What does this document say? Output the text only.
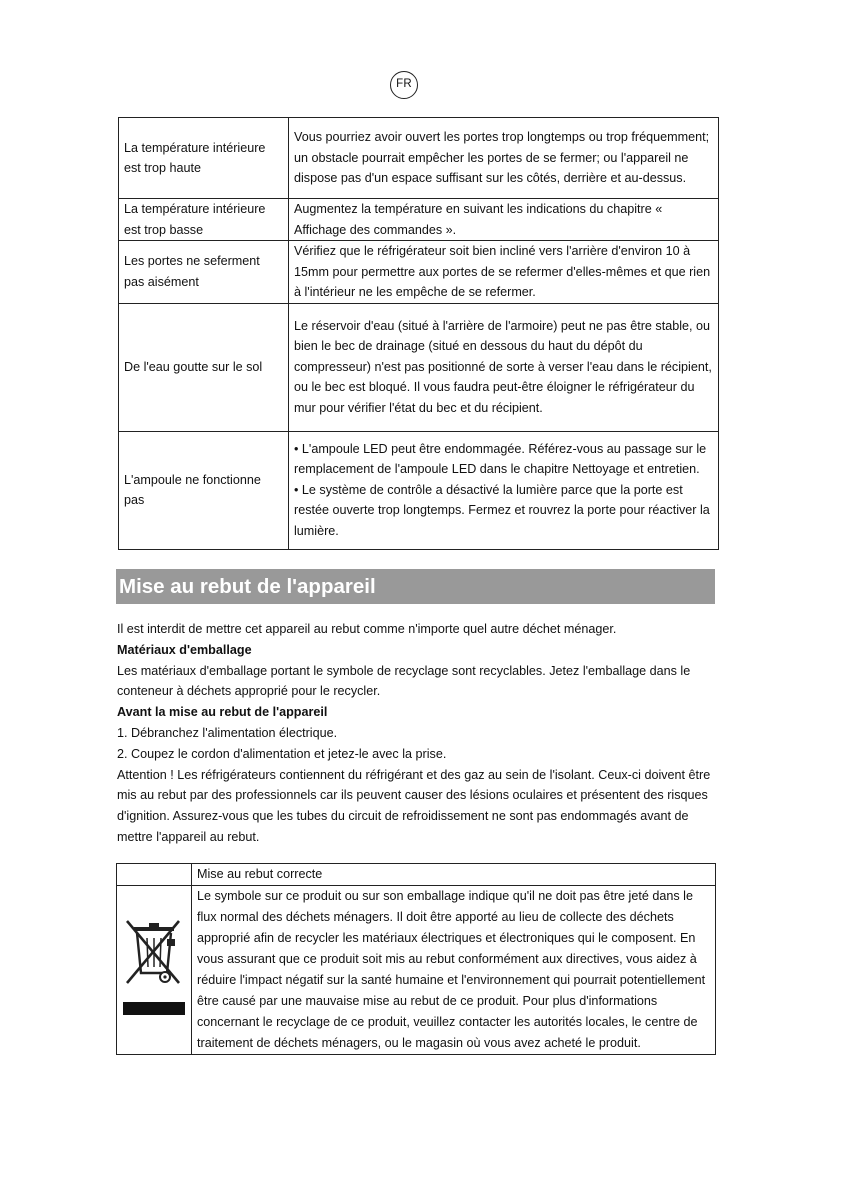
FR
La température intérieure est trop haute	Vous pourriez avoir ouvert les portes trop longtemps ou trop fréquemment; un obstacle pourrait empêcher les portes de se fermer; ou l'appareil ne dispose pas d'un espace suffisant sur les côtés, derrière et au-dessus.
La température intérieure est trop basse	Augmentez la température en suivant les indications du chapitre « Affichage des commandes ».
Les portes ne seferment pas aisément	Vérifiez que le réfrigérateur soit bien incliné vers l'arrière d'environ 10 à 15mm pour permettre aux portes de se refermer d'elles-mêmes et que rien à l'intérieur ne les empêche de se refermer.
De l'eau goutte sur le sol	Le réservoir d'eau (situé à l'arrière de l'armoire) peut ne pas être stable, ou bien le bec de drainage (situé en dessous du haut du dépôt du compresseur) n'est pas positionné de sorte à verser l'eau dans le récipient, ou le bec est bloqué. Il vous faudra peut-être éloigner le réfrigérateur du mur pour vérifier l'état du bec et du récipient.
L'ampoule ne fonctionne pas	• L'ampoule LED peut être endommagée. Référez-vous au passage sur le remplacement de l'ampoule LED dans le chapitre Nettoyage et entretien.
• Le système de contrôle a désactivé la lumière parce que la porte est restée ouverte trop longtemps. Fermez et rouvrez la porte pour réactiver la lumière.
Mise au rebut de l'appareil

Il est interdit de mettre cet appareil au rebut comme n'importe quel autre déchet ménager.

Matériaux d'emballage

Les matériaux d'emballage portant le symbole de recyclage sont recyclables. Jetez l'emballage dans le conteneur à déchets approprié pour le recycler.

Avant la mise au rebut de l'appareil

1. Débranchez l'alimentation électrique.

2. Coupez le cordon d'alimentation et jetez-le avec la prise.

Attention ! Les réfrigérateurs contiennent du réfrigérant et des gaz au sein de l'isolant. Ceux-ci doivent être mis au rebut par des professionnels car ils peuvent causer des lésions oculaires et présentent des risques d'ignition. Assurez-vous que les tubes du circuit de refroidissement ne sont pas endommagés avant de mettre l'appareil au rebut.

	Mise au rebut correcte
	Le symbole sur ce produit ou sur son emballage indique qu'il ne doit pas être jeté dans le flux normal des déchets ménagers. Il doit être apporté au lieu de collecte des déchets approprié afin de recycler les matériaux électriques et électroniques qui le composent. En vous assurant que ce produit soit mis au rebut conformément aux directives, vous aidez à réduire l'impact négatif sur la santé humaine et l'environnement qui pourrait potentiellement être causé par une mauvaise mise au rebut de ce produit. Pour plus d'informations concernant le recyclage de ce produit, veuillez contacter les autorités locales, le centre de traitement de déchets ménagers, ou le magasin où vous avez acheté le produit.
